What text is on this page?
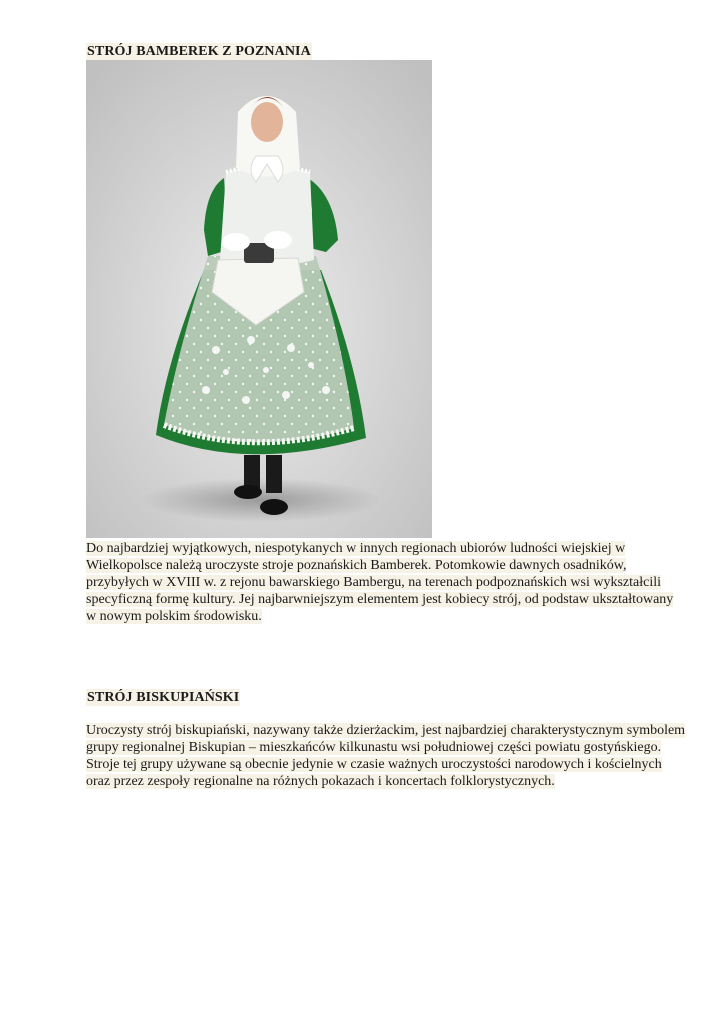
STRÓJ BAMBEREK Z POZNANIA

Do najbardziej wyjątkowych, niespotykanych w innych regionach ubiorów ludności wiejskiej w Wielkopolsce należą uroczyste stroje poznańskich Bamberek. Potomkowie dawnych osadników, przybyłych w XVIII w. z rejonu bawarskiego Bambergu, na terenach podpoznańskich wsi wykształcili specyficzną formę kultury. Jej najbarwniejszym elementem jest kobiecy strój, od podstaw ukształtowany w nowym polskim środowisku.

STRÓJ BISKUPIAŃSKI

Uroczysty strój biskupiański, nazywany także dzierżackim, jest najbardziej charakterystycznym symbolem grupy regionalnej Biskupian – mieszkańców kilkunastu wsi południowej części powiatu gostyńskiego. Stroje tej grupy używane są obecnie jedynie w czasie ważnych uroczystości narodowych i kościelnych oraz przez zespoły regionalne na różnych pokazach i koncertach folklorystycznych.
